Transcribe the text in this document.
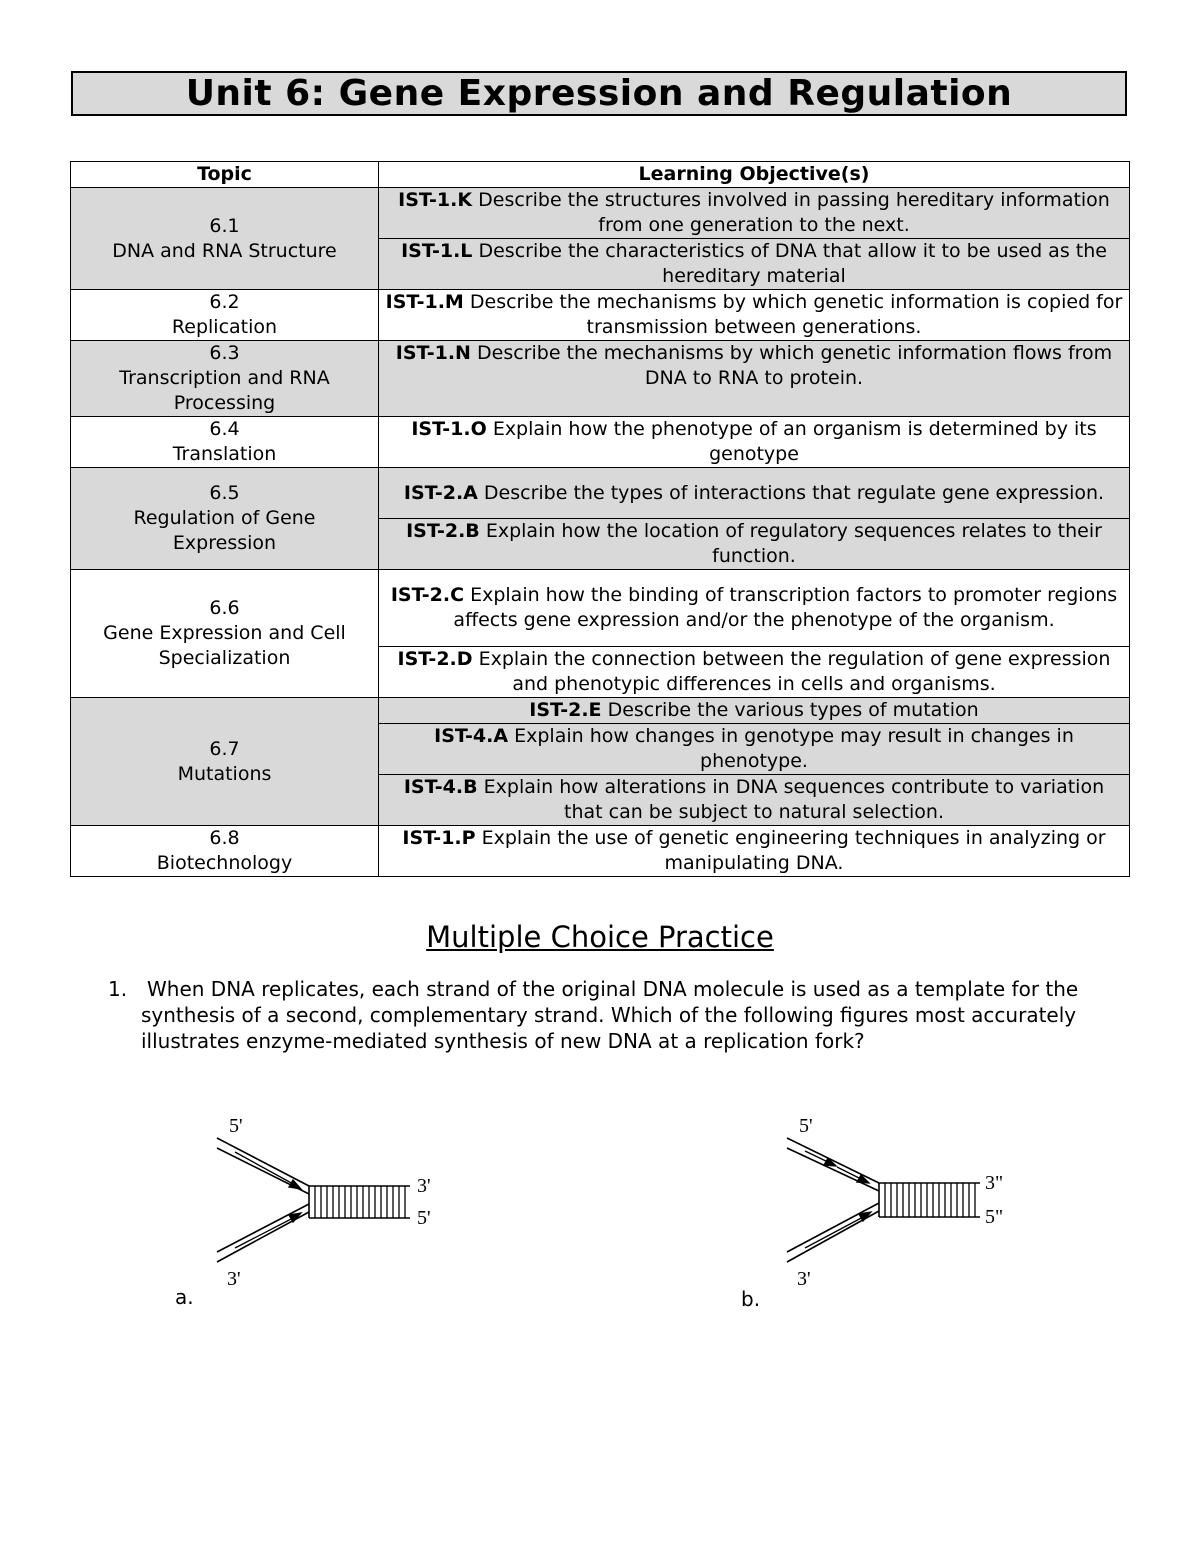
Unit 6: Gene Expression and Regulation
Topic	Learning Objective(s)
6.1
DNA and RNA Structure	IST-1.K Describe the structures involved in passing hereditary information from one generation to the next.
	IST-1.L Describe the characteristics of DNA that allow it to be used as the hereditary material
6.2
Replication	IST-1.M Describe the mechanisms by which genetic information is copied for transmission between generations.
6.3
Transcription and RNA Processing	IST-1.N Describe the mechanisms by which genetic information flows from DNA to RNA to protein.
6.4
Translation	IST-1.O Explain how the phenotype of an organism is determined by its genotype
6.5
Regulation of Gene Expression	IST-2.A Describe the types of interactions that regulate gene expression.
	IST-2.B Explain how the location of regulatory sequences relates to their function.
6.6
Gene Expression and Cell Specialization	IST-2.C Explain how the binding of transcription factors to promoter regions affects gene expression and/or the phenotype of the organism.
	IST-2.D Explain the connection between the regulation of gene expression and phenotypic differences in cells and organisms.
6.7
Mutations	IST-2.E Describe the various types of mutation
	IST-4.A Explain how changes in genotype may result in changes in phenotype.
	IST-4.B Explain how alterations in DNA sequences contribute to variation that can be subject to natural selection.
6.8
Biotechnology	IST-1.P Explain the use of genetic engineering techniques in analyzing or manipulating DNA.
Multiple Choice Practice
1. When DNA replicates, each strand of the original DNA molecule is used as a template for the synthesis of a second, complementary strand. Which of the following figures most accurately illustrates enzyme-mediated synthesis of new DNA at a replication fork?
5'
3'
5'
3'
a.
5'
3"
5"
3'
b.
